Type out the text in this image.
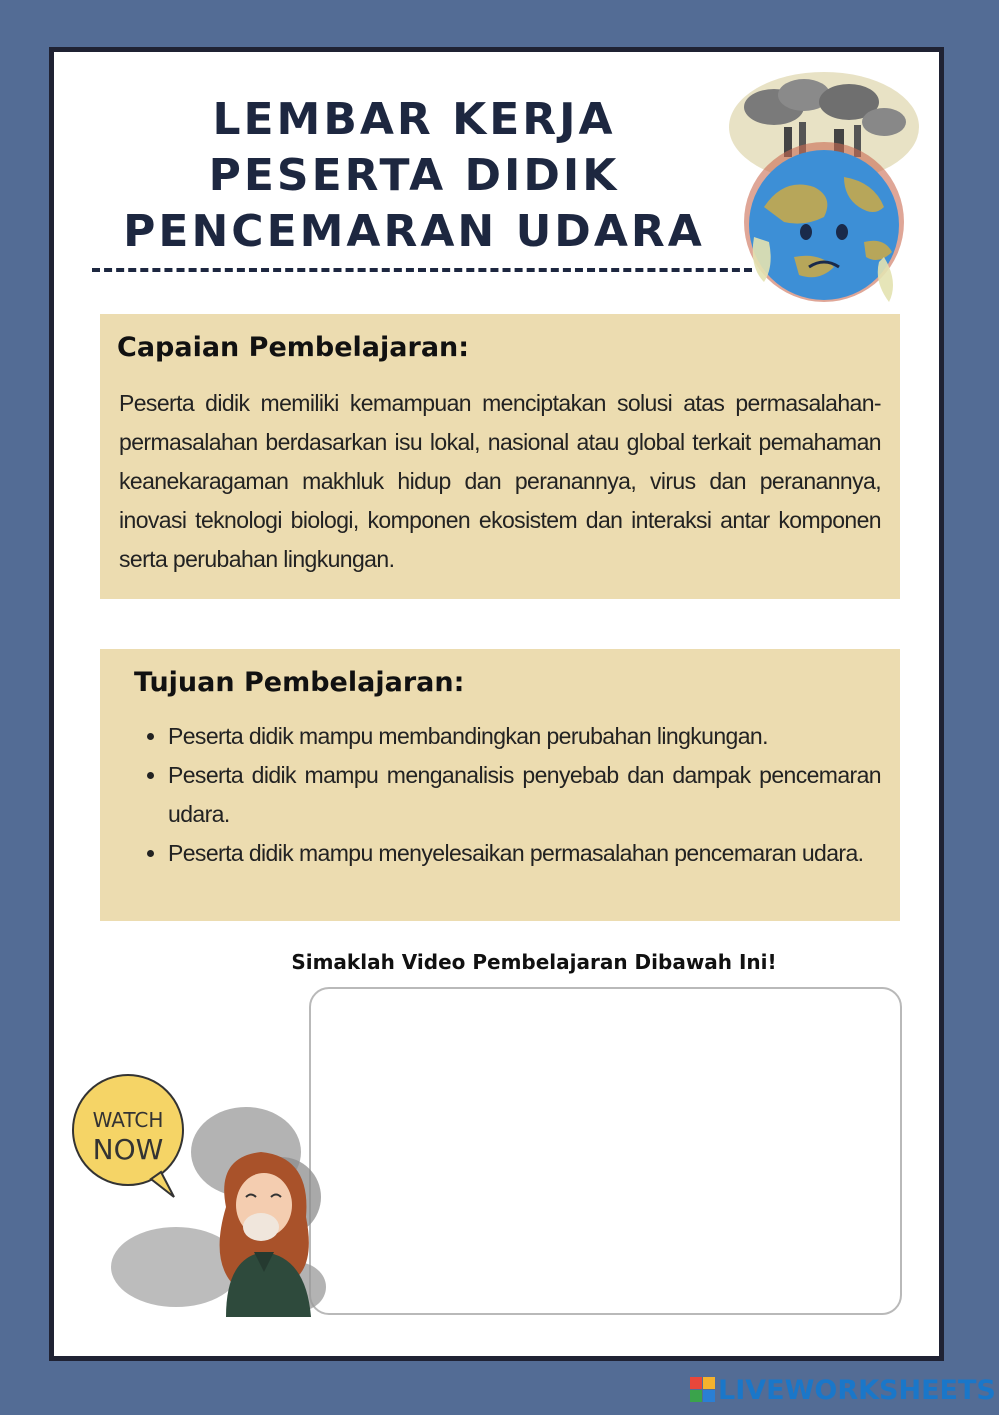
LEMBAR KERJA
PESERTA DIDIK
PENCEMARAN UDARA
Capaian Pembelajaran:

Peserta didik memiliki kemampuan menciptakan solusi atas permasalahan-permasalahan berdasarkan isu lokal, nasional atau global terkait pemahaman keanekaragaman makhluk hidup dan peranannya, virus dan peranannya, inovasi teknologi biologi, komponen ekosistem dan interaksi antar komponen serta perubahan lingkungan.

Tujuan Pembelajaran:
• Peserta didik mampu membandingkan perubahan lingkungan.
• Peserta didik mampu menganalisis penyebab dan dampak pencemaran udara.
• Peserta didik mampu menyelesaikan permasalahan pencemaran udara.
Simaklah Video Pembelajaran Dibawah Ini!
WATCH
NOW
LIVEWORKSHEETS
